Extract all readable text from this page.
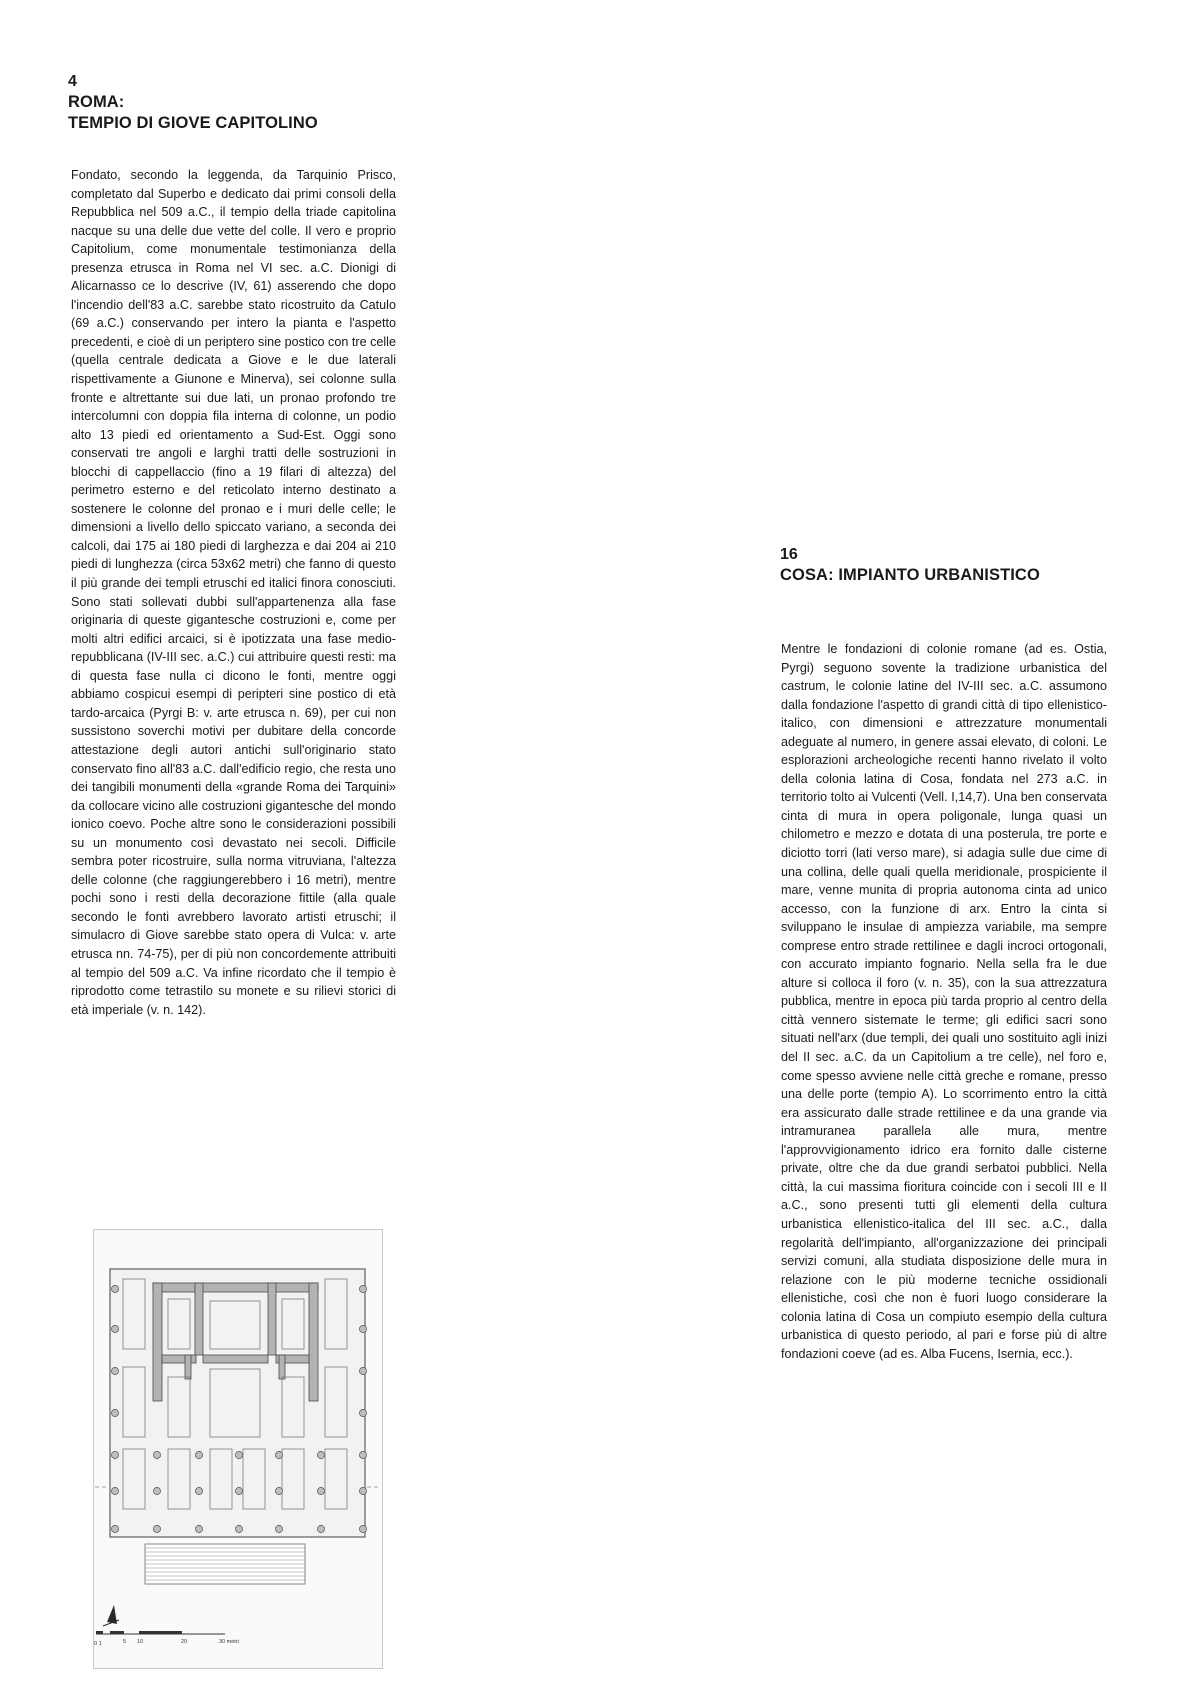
4

ROMA:

TEMPIO DI GIOVE CAPITOLINO

Fondato, secondo la leggenda, da Tarquinio Prisco, completato dal Superbo e dedicato dai primi consoli della Repubblica nel 509 a.C., il tempio della triade capitolina nacque su una delle due vette del colle. Il vero e proprio Capitolium, come monumentale testimonianza della presenza etrusca in Roma nel VI sec. a.C. Dionigi di Alicarnasso ce lo descrive (IV, 61) asserendo che dopo l'incendio dell'83 a.C. sarebbe stato ricostruito da Catulo (69 a.C.) conservando per intero la pianta e l'aspetto precedenti, e cioè di un periptero sine postico con tre celle (quella centrale dedicata a Giove e le due laterali rispettivamente a Giunone e Minerva), sei colonne sulla fronte e altrettante sui due lati, un pronao profondo tre intercolumni con doppia fila interna di colonne, un podio alto 13 piedi ed orientamento a Sud-Est. Oggi sono conservati tre angoli e larghi tratti delle sostruzioni in blocchi di cappellaccio (fino a 19 filari di altezza) del perimetro esterno e del reticolato interno destinato a sostenere le colonne del pronao e i muri delle celle; le dimensioni a livello dello spiccato variano, a seconda dei calcoli, dai 175 ai 180 piedi di larghezza e dai 204 ai 210 piedi di lunghezza (circa 53x62 metri) che fanno di questo il più grande dei templi etruschi ed italici finora conosciuti. Sono stati sollevati dubbi sull'appartenenza alla fase originaria di queste gigantesche costruzioni e, come per molti altri edifici arcaici, si è ipotizzata una fase medio-repubblicana (IV-III sec. a.C.) cui attribuire questi resti: ma di questa fase nulla ci dicono le fonti, mentre oggi abbiamo cospicui esempi di peripteri sine postico di età tardo-arcaica (Pyrgi B: v. arte etrusca n. 69), per cui non sussistono soverchi motivi per dubitare della concorde attestazione degli autori antichi sull'originario stato conservato fino all'83 a.C. dall'edificio regio, che resta uno dei tangibili monumenti della «grande Roma dei Tarquini» da collocare vicino alle costruzioni gigantesche del mondo ionico coevo. Poche altre sono le considerazioni possibili su un monumento così devastato nei secoli. Difficile sembra poter ricostruire, sulla norma vitruviana, l'altezza delle colonne (che raggiungerebbero i 16 metri), mentre pochi sono i resti della decorazione fittile (alla quale secondo le fonti avrebbero lavorato artisti etruschi; il simulacro di Giove sarebbe stato opera di Vulca: v. arte etrusca nn. 74-75), per di più non concordemente attribuiti al tempio del 509 a.C. Va infine ricordato che il tempio è riprodotto come tetrastilo su monete e su rilievi storici di età imperiale (v. n. 142).

0 1	5 10	20	30 metri

16

COSA: IMPIANTO URBANISTICO

Mentre le fondazioni di colonie romane (ad es. Ostia, Pyrgi) seguono sovente la tradizione urbanistica del castrum, le colonie latine del IV-III sec. a.C. assumono dalla fondazione l'aspetto di grandi città di tipo ellenistico-italico, con dimensioni e attrezzature monumentali adeguate al numero, in genere assai elevato, di coloni. Le esplorazioni archeologiche recenti hanno rivelato il volto della colonia latina di Cosa, fondata nel 273 a.C. in territorio tolto ai Vulcenti (Vell. I,14,7). Una ben conservata cinta di mura in opera poligonale, lunga quasi un chilometro e mezzo e dotata di una posterula, tre porte e diciotto torri (lati verso mare), si adagia sulle due cime di una collina, delle quali quella meridionale, prospiciente il mare, venne munita di propria autonoma cinta ad unico accesso, con la funzione di arx. Entro la cinta si sviluppano le insulae di ampiezza variabile, ma sempre comprese entro strade rettilinee e dagli incroci ortogonali, con accurato impianto fognario. Nella sella fra le due alture si colloca il foro (v. n. 35), con la sua attrezzatura pubblica, mentre in epoca più tarda proprio al centro della città vennero sistemate le terme; gli edifici sacri sono situati nell'arx (due templi, dei quali uno sostituito agli inizi del II sec. a.C. da un Capitolium a tre celle), nel foro e, come spesso avviene nelle città greche e romane, presso una delle porte (tempio A). Lo scorrimento entro la città era assicurato dalle strade rettilinee e da una grande via intramuranea parallela alle mura, mentre l'approvvigionamento idrico era fornito dalle cisterne private, oltre che da due grandi serbatoi pubblici. Nella città, la cui massima fioritura coincide con i secoli III e II a.C., sono presenti tutti gli elementi della cultura urbanistica ellenistico-italica del III sec. a.C., dalla regolarità dell'impianto, all'organizzazione dei principali servizi comuni, alla studiata disposizione delle mura in relazione con le più moderne tecniche ossidionali ellenistiche, così che non è fuori luogo considerare la colonia latina di Cosa un compiuto esempio della cultura urbanistica di questo periodo, al pari e forse più di altre fondazioni coeve (ad es. Alba Fucens, Isernia, ecc.).
